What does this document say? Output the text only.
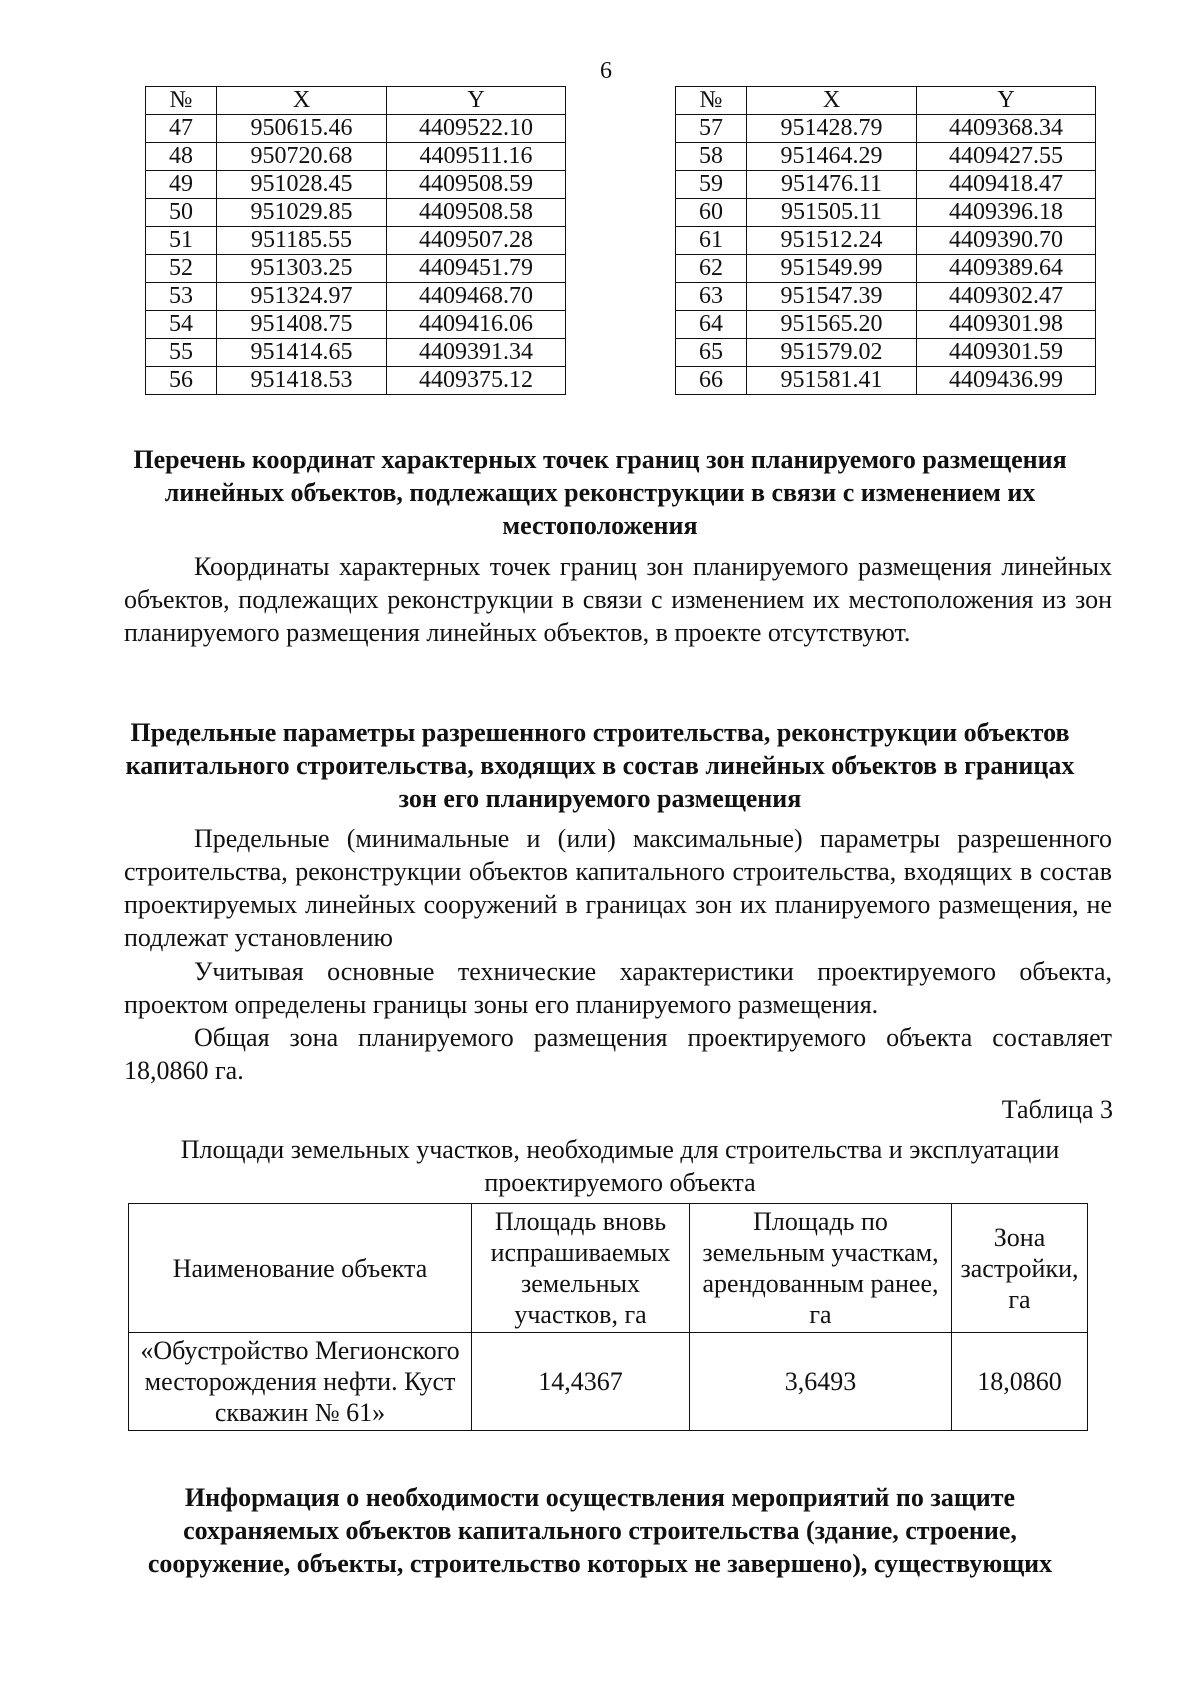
6
№	X	Y
47	950615.46	4409522.10
48	950720.68	4409511.16
49	951028.45	4409508.59
50	951029.85	4409508.58
51	951185.55	4409507.28
52	951303.25	4409451.79
53	951324.97	4409468.70
54	951408.75	4409416.06
55	951414.65	4409391.34
56	951418.53	4409375.12
№	X	Y
57	951428.79	4409368.34
58	951464.29	4409427.55
59	951476.11	4409418.47
60	951505.11	4409396.18
61	951512.24	4409390.70
62	951549.99	4409389.64
63	951547.39	4409302.47
64	951565.20	4409301.98
65	951579.02	4409301.59
66	951581.41	4409436.99
Перечень координат характерных точек границ зон планируемого размещения линейных объектов, подлежащих реконструкции в связи с изменением их местоположения

Координаты характерных точек границ зон планируемого размещения линейных объектов, подлежащих реконструкции в связи с изменением их местоположения из зон планируемого размещения линейных объектов, в проекте отсутствуют.

Предельные параметры разрешенного строительства, реконструкции объектов капитального строительства, входящих в состав линейных объектов в границах зон его планируемого размещения

Предельные (минимальные и (или) максимальные) параметры разрешенного строительства, реконструкции объектов капитального строительства, входящих в состав проектируемых линейных сооружений в границах зон их планируемого размещения, не подлежат установлению

Учитывая основные технические характеристики проектируемого объекта, проектом определены границы зоны его планируемого размещения.

Общая зона планируемого размещения проектируемого объекта составляет 18,0860 га.

Таблица 3
Площади земельных участков, необходимые для строительства и эксплуатации проектируемого объекта
Наименование объекта	Площадь вновь испрашиваемых земельных участков, га	Площадь по земельным участкам, арендованным ранее, га	Зона застройки, га
«Обустройство Мегионского месторождения нефти. Куст скважин № 61»	14,4367	3,6493	18,0860
Информация о необходимости осуществления мероприятий по защите сохраняемых объектов капитального строительства (здание, строение, сооружение, объекты, строительство которых не завершено), существующих
